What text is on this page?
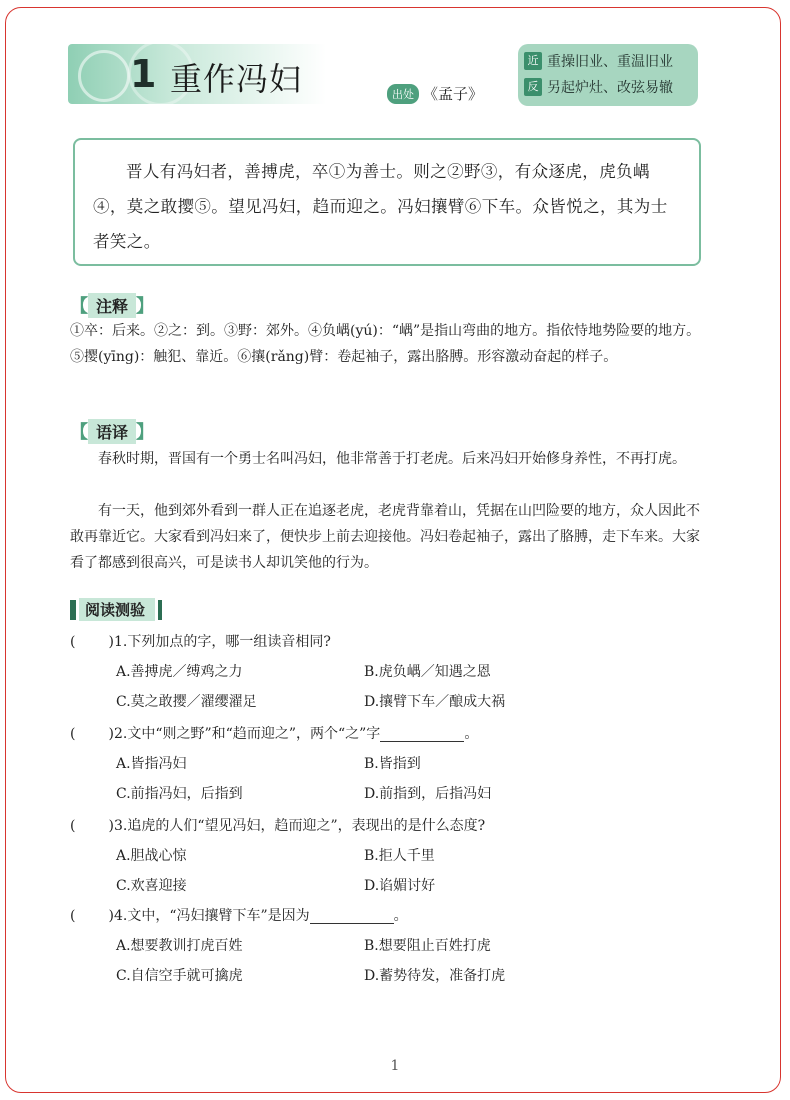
1 重作冯妇	出处 《孟子》
近 重操旧业、重温旧业
反 另起炉灶、改弦易辙
晋人有冯妇者，善搏虎，卒①为善士。则之②野③，有众逐虎，虎负嵎④，莫之敢撄⑤。望见冯妇，趋而迎之。冯妇攘臂⑥下车。众皆悦之，其为士者笑之。
【 注释 】
①卒：后来。②之：到。③野：郊外。④负嵎(yú)：“嵎”是指山弯曲的地方。指依恃地势险要的地方。⑤撄(yīng)：触犯、靠近。⑥攘(rǎng)臂：卷起袖子，露出胳膊。形容激动奋起的样子。
【 语译 】
春秋时期，晋国有一个勇士名叫冯妇，他非常善于打老虎。后来冯妇开始修身养性，不再打虎。
有一天，他到郊外看到一群人正在追逐老虎，老虎背靠着山，凭据在山凹险要的地方，众人因此不敢再靠近它。大家看到冯妇来了，便快步上前去迎接他。冯妇卷起袖子，露出了胳膊，走下车来。大家看了都感到很高兴，可是读书人却讥笑他的行为。
阅读测验
( ) 1.下列加点的字，哪一组读音相同?
A.善搏虎／缚鸡之力	B.虎负嵎／知遇之恩
C.莫之敢撄／濯缨濯足	D.攘臂下车／酿成大祸
( ) 2.文中“则之野”和“趋而迎之”，两个“之”字	。
A.皆指冯妇	B.皆指到
C.前指冯妇，后指到	D.前指到，后指冯妇
( ) 3.追虎的人们“望见冯妇，趋而迎之”，表现出的是什么态度?
A.胆战心惊	B.拒人千里
C.欢喜迎接	D.谄媚讨好
( ) 4.文中，“冯妇攘臂下车”是因为	。
A.想要教训打虎百姓	B.想要阻止百姓打虎
C.自信空手就可擒虎	D.蓄势待发，准备打虎
1
